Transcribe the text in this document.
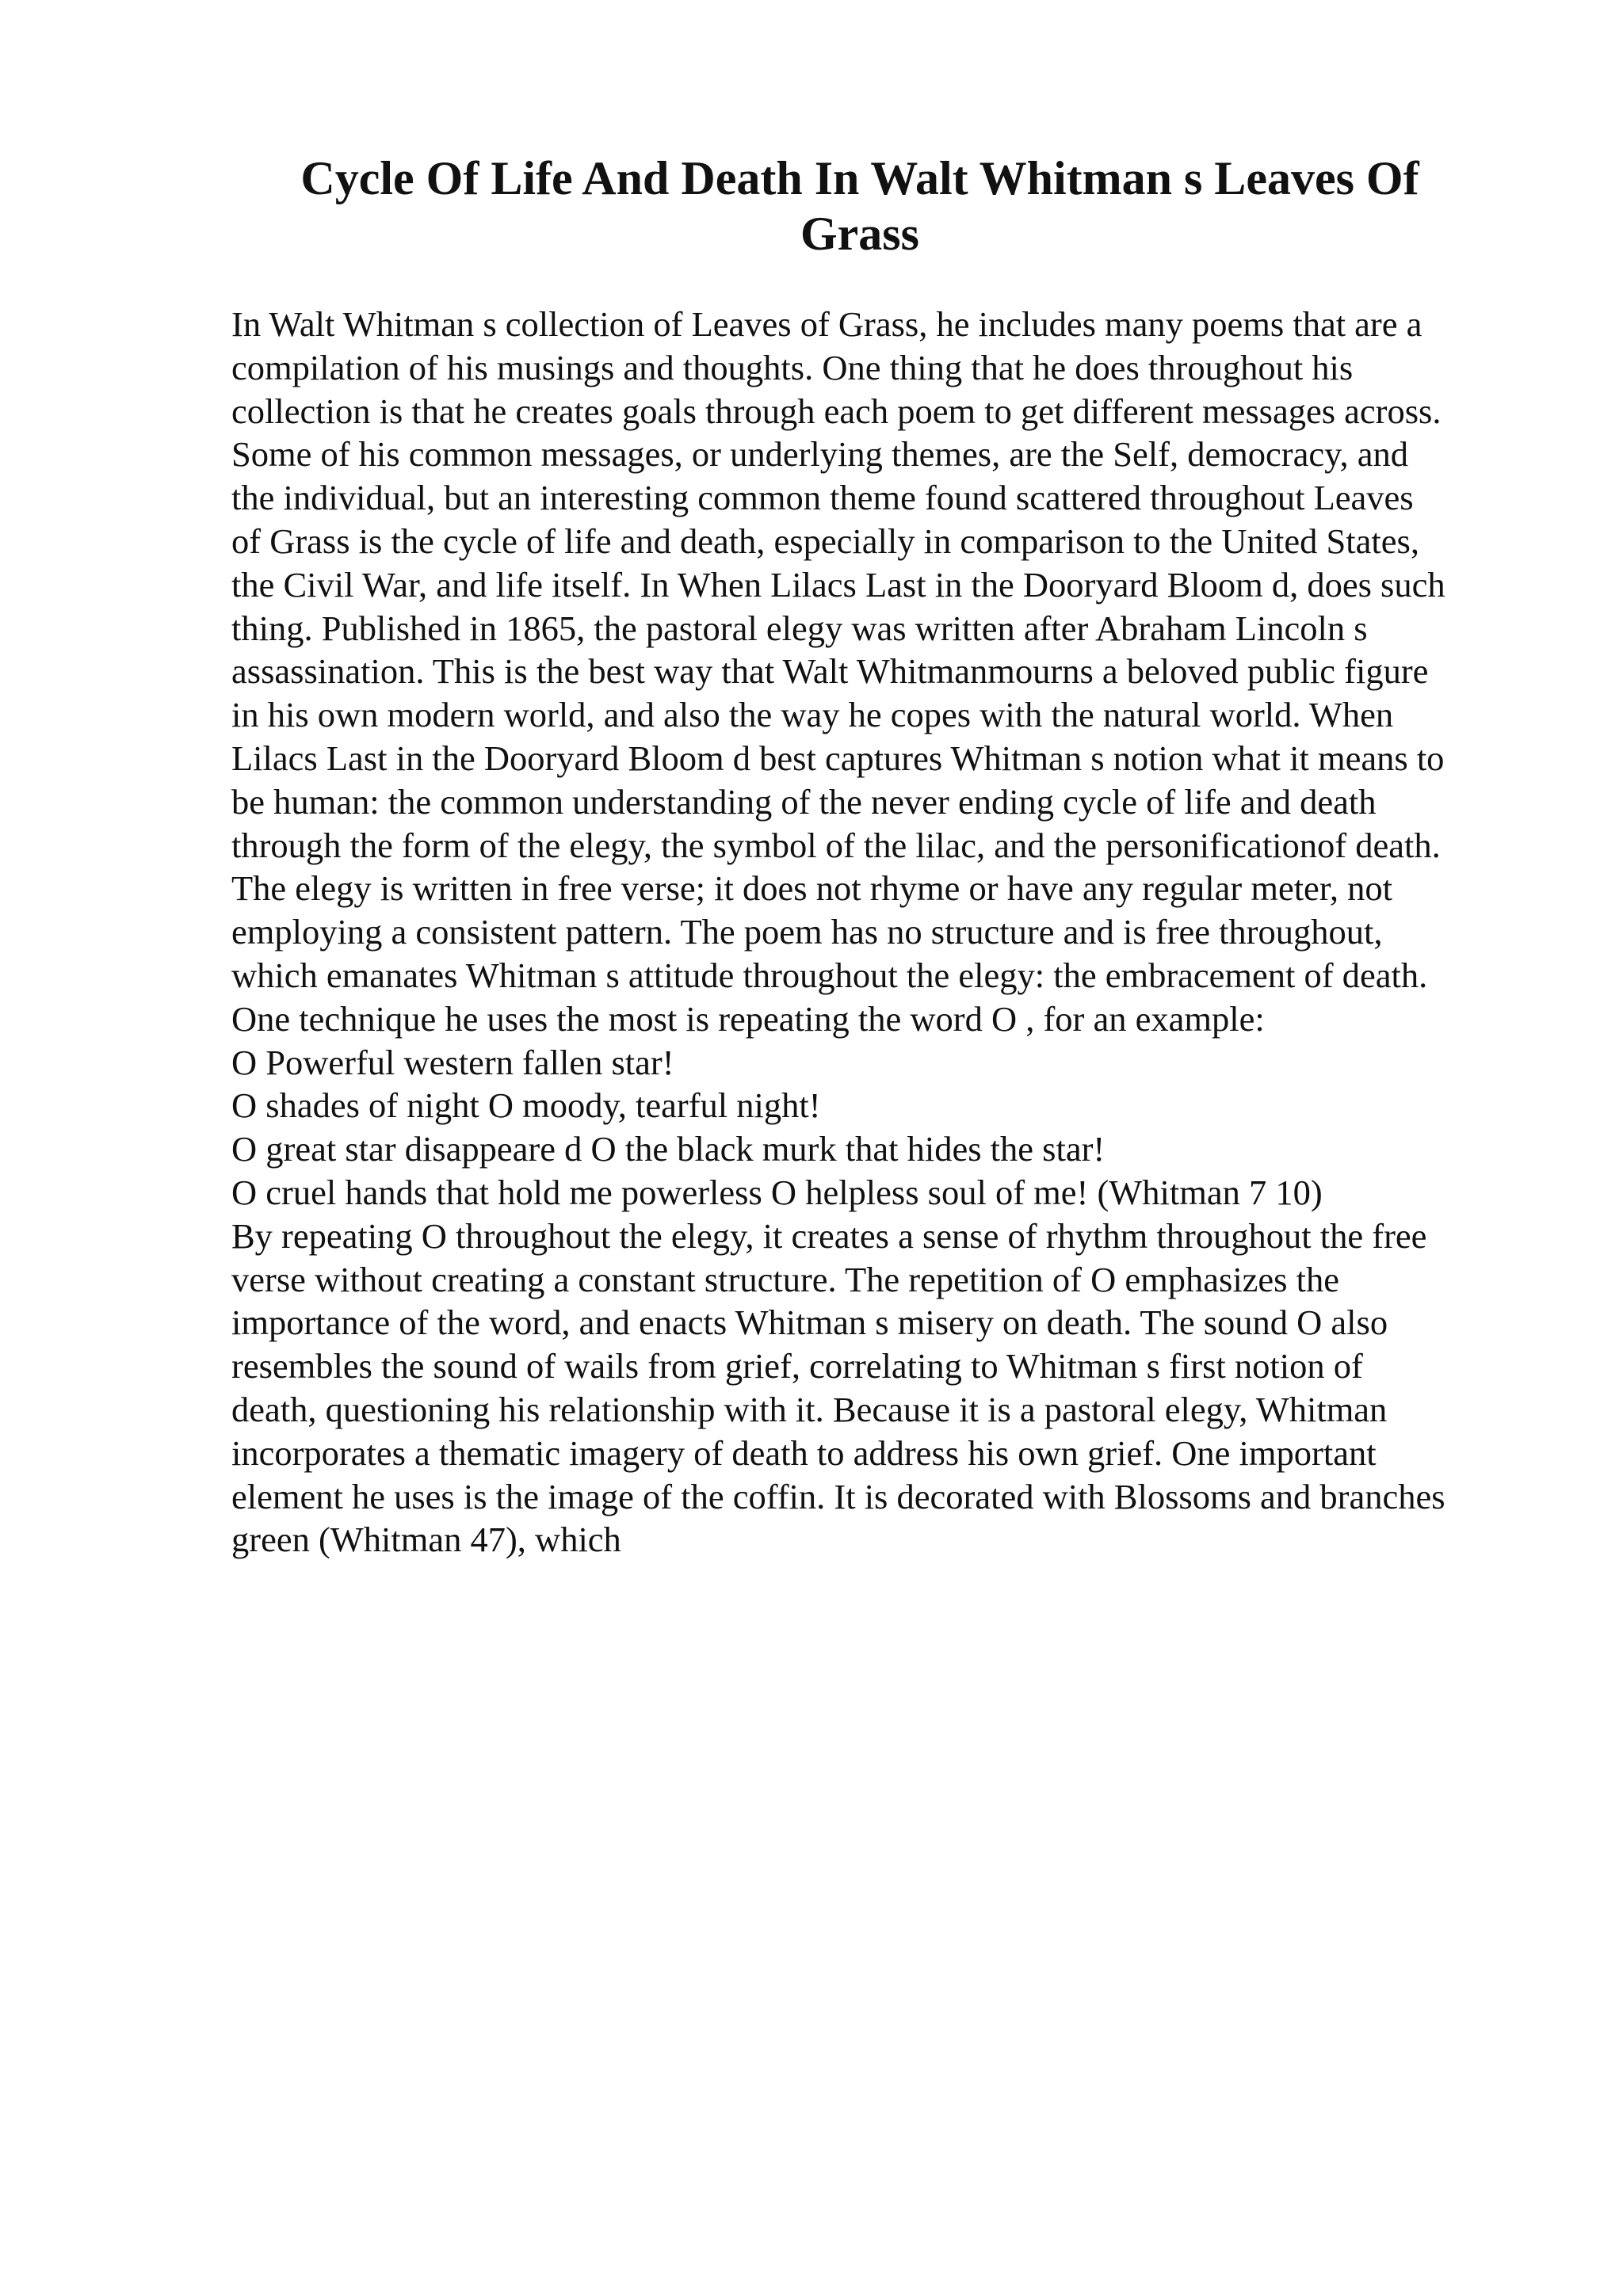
Cycle Of Life And Death In Walt Whitman s Leaves Of
Grass
In Walt Whitman s collection of Leaves of Grass, he includes many poems that are a
compilation of his musings and thoughts. One thing that he does throughout his
collection is that he creates goals through each poem to get different messages across.
Some of his common messages, or underlying themes, are the Self, democracy, and
the individual, but an interesting common theme found scattered throughout Leaves
of Grass is the cycle of life and death, especially in comparison to the United States,
the Civil War, and life itself. In When Lilacs Last in the Dooryard Bloom d, does such
thing. Published in 1865, the pastoral elegy was written after Abraham Lincoln s
assassination. This is the best way that Walt Whitmanmourns a beloved public figure
in his own modern world, and also the way he copes with the natural world. When
Lilacs Last in the Dooryard Bloom d best captures Whitman s notion what it means to
be human: the common understanding of the never ending cycle of life and death
through the form of the elegy, the symbol of the lilac, and the personificationof death.
The elegy is written in free verse; it does not rhyme or have any regular meter, not
employing a consistent pattern. The poem has no structure and is free throughout,
which emanates Whitman s attitude throughout the elegy: the embracement of death.
One technique he uses the most is repeating the word O , for an example:
O Powerful western fallen star!
O shades of night O moody, tearful night!
O great star disappeare d O the black murk that hides the star!
O cruel hands that hold me powerless O helpless soul of me! (Whitman 7 10)
By repeating O throughout the elegy, it creates a sense of rhythm throughout the free
verse without creating a constant structure. The repetition of O emphasizes the
importance of the word, and enacts Whitman s misery on death. The sound O also
resembles the sound of wails from grief, correlating to Whitman s first notion of
death, questioning his relationship with it. Because it is a pastoral elegy, Whitman
incorporates a thematic imagery of death to address his own grief. One important
element he uses is the image of the coffin. It is decorated with Blossoms and branches
green (Whitman 47), which
